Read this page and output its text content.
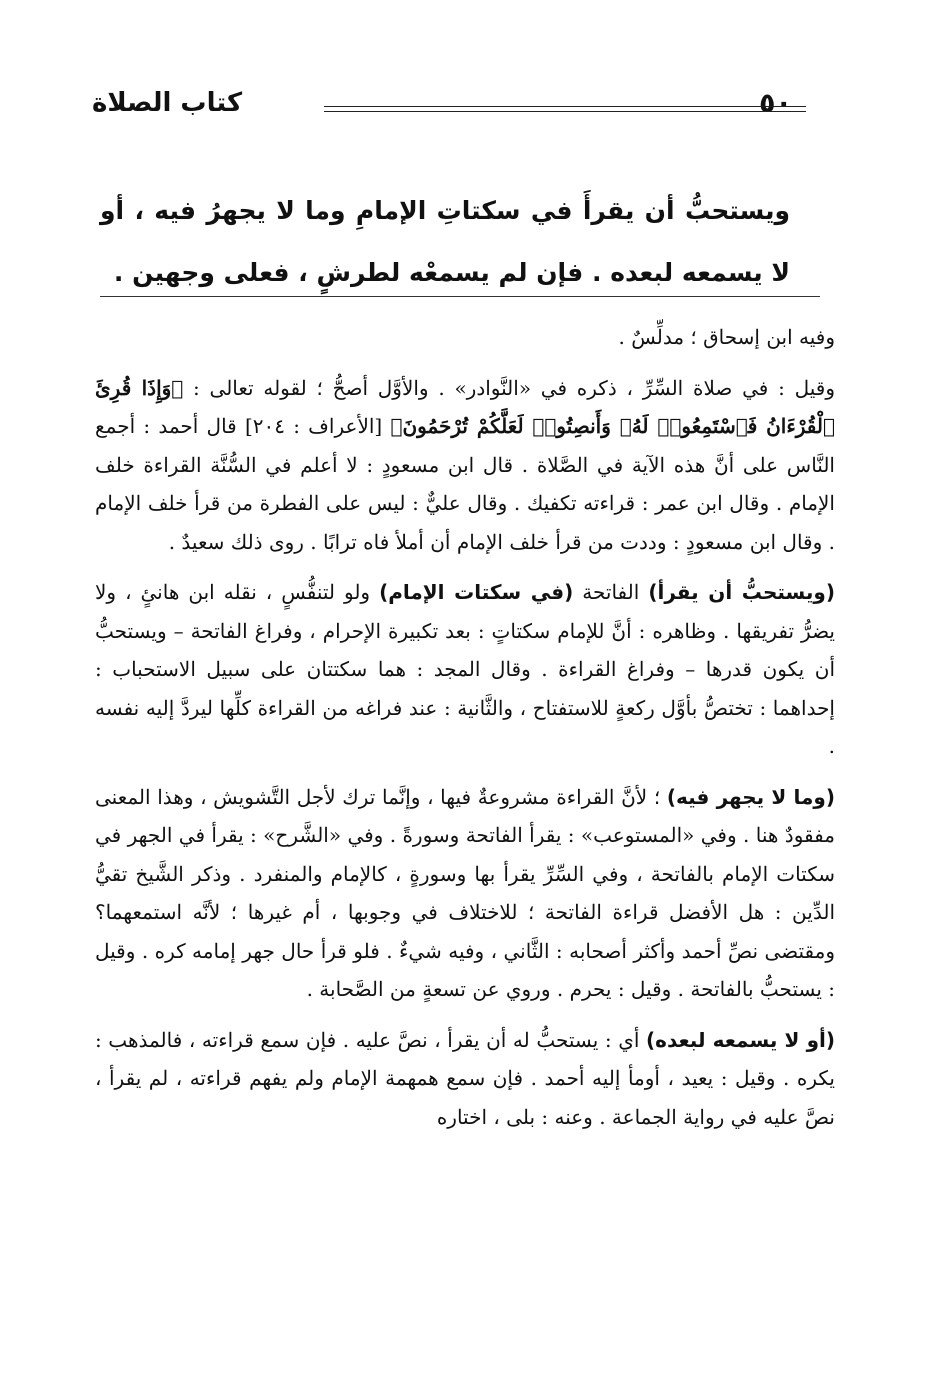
٥٠
كتاب الصلاة
ويستحبُّ أن يقرأَ في سكتاتِ الإمامِ وما لا يجهرُ فيه ، أو لا يسمعه لبعده . فإن لم يسمعْه لطرشٍ ، فعلى وجهين .

وفيه ابن إسحاق ؛ مدلِّسٌ .

وقيل : في صلاة السِّرِّ ، ذكره في «النَّوادر» . والأوَّل أصحُّ ؛ لقوله تعالى : ﴿وَإِذَا قُرِئَ ٱلْقُرْءَانُ فَٱسْتَمِعُوا۟ لَهُۥ وَأَنصِتُوا۟ لَعَلَّكُمْ تُرْحَمُونَ﴾ [الأعراف : ٢٠٤] قال أحمد : أجمع النَّاس على أنَّ هذه الآية في الصَّلاة . قال ابن مسعودٍ : لا أعلم في السُّنَّة القراءة خلف الإمام . وقال ابن عمر : قراءته تكفيك . وقال عليٌّ : ليس على الفطرة من قرأ خلف الإمام . وقال ابن مسعودٍ : وددت من قرأ خلف الإمام أن أملأ فاه ترابًا . روى ذلك سعيدٌ .

(ويستحبُّ أن يقرأ) الفاتحة (في سكتات الإمام) ولو لتنفُّسٍ ، نقله ابن هانئٍ ، ولا يضرُّ تفريقها . وظاهره : أنَّ للإمام سكتاتٍ : بعد تكبيرة الإحرام ، وفراغ الفاتحة – ويستحبُّ أن يكون قدرها – وفراغ القراءة . وقال المجد : هما سكتتان على سبيل الاستحباب : إحداهما : تختصُّ بأوَّل ركعةٍ للاستفتاح ، والثَّانية : عند فراغه من القراءة كلِّها ليردَّ إليه نفسه .

(وما لا يجهر فيه) ؛ لأنَّ القراءة مشروعةٌ فيها ، وإنَّما ترك لأجل التَّشويش ، وهذا المعنى مفقودٌ هنا . وفي «المستوعب» : يقرأ الفاتحة وسورةً . وفي «الشَّرح» : يقرأ في الجهر في سكتات الإمام بالفاتحة ، وفي السِّرِّ يقرأ بها وسورةٍ ، كالإمام والمنفرد . وذكر الشَّيخ تقيُّ الدِّين : هل الأفضل قراءة الفاتحة ؛ للاختلاف في وجوبها ، أم غيرها ؛ لأنَّه استمعهما؟ ومقتضى نصِّ أحمد وأكثر أصحابه : الثَّاني ، وفيه شيءٌ . فلو قرأ حال جهر إمامه كره . وقيل : يستحبُّ بالفاتحة . وقيل : يحرم . وروي عن تسعةٍ من الصَّحابة .

(أو لا يسمعه لبعده) أي : يستحبُّ له أن يقرأ ، نصَّ عليه . فإن سمع قراءته ، فالمذهب : يكره . وقيل : يعيد ، أومأ إليه أحمد . فإن سمع همهمة الإمام ولم يفهم قراءته ، لم يقرأ ، نصَّ عليه في رواية الجماعة . وعنه : بلى ، اختاره
